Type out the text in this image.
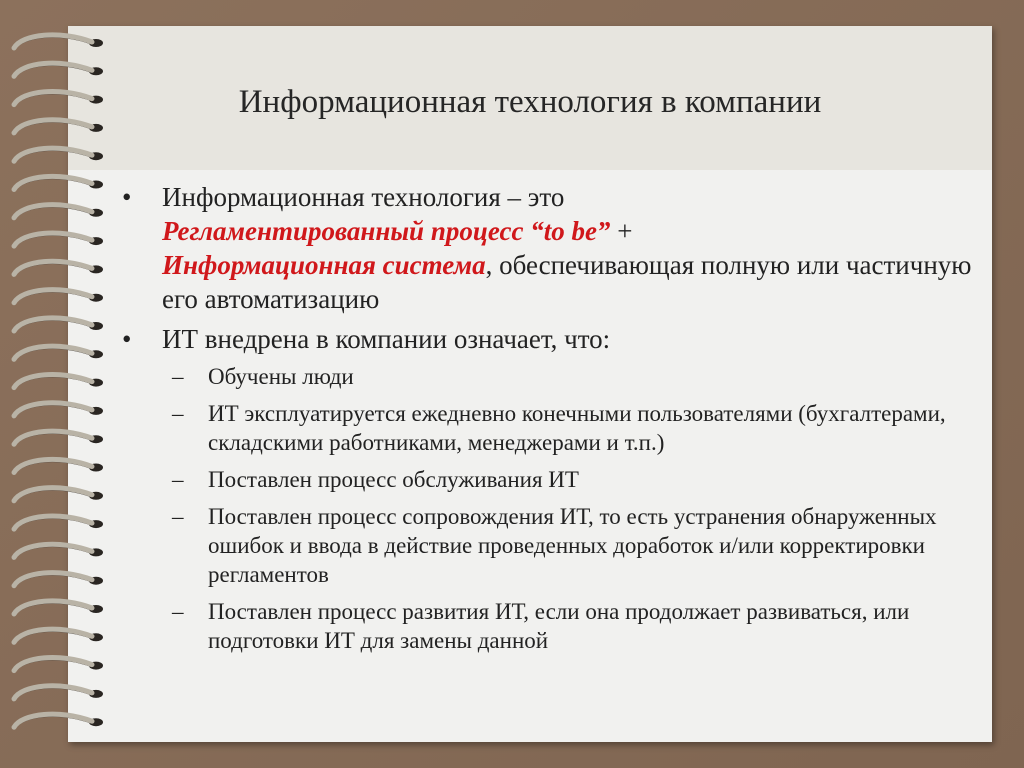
Информационная технология в компании
• Информационная технология – это
Регламентированный процесс “to be” +
Информационная система, обеспечивающая полную или частичную его автоматизацию
• ИТ внедрена в компании означает, что:
– Обучены люди
– ИТ эксплуатируется ежедневно конечными пользователями (бухгалтерами, складскими работниками, менеджерами и т.п.)
– Поставлен процесс обслуживания ИТ
– Поставлен процесс сопровождения ИТ, то есть устранения обнаруженных ошибок и ввода в действие проведенных доработок и/или корректировки регламентов
– Поставлен процесс развития ИТ, если она продолжает развиваться, или подготовки ИТ для замены данной
